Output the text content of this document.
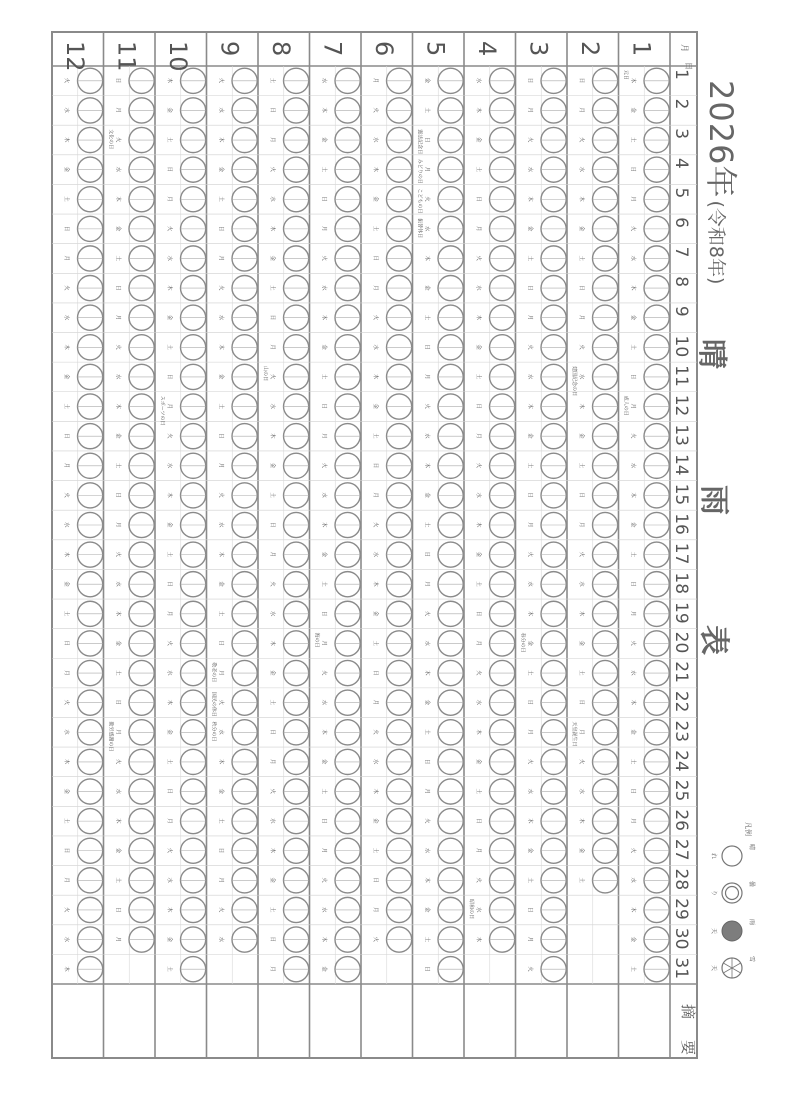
月
日
摘
要
木
金
土
日
月
火
水
木
金
土
日
月
火
水
木
金
土
日
月
火
水
木
金
土
日
月
火
水
木
金
土
日
月
火
水
木
金
土
日
月
火
水
木
金
土
日
月
火
水
木
金
土
日
月
火
水
木
金
土
日
月
火
水
木
金
土
日
月
火
水
木
金
土
日
月
火
水
木
金
土
日
月
火
水
木
金
土
日
月
火
水
木
金
土
日
月
火
水
木
金
土
日
月
火
水
木
金
土
日
月
火
水
木
金
土
日
月
火
水
木
金
土
日
月
火
水
木
金
土
日
月
火
水
木
金
土
日
月
火
水
木
金
土
日
月
火
水
木
金
土
日
月
火
水
木
金
土
日
月
火
水
木
金
土
日
月
火
水
木
金
土
日
月
火
水
木
金
土
日
月
火
水
木
金
土
日
月
火
水
木
金
土
日
月
火
水
木
金
土
日
月
火
水
木
金
土
日
月
火
水
木
金
土
日
月
火
水
木
金
土
日
月
火
水
木
金
土
日
月
火
水
木
金
土
日
月
火
水
木
金
土
日
月
火
水
木
金
土
日
月
火
水
木
金
土
日
月
火
水
木
金
土
日
月
火
水
木
金
土
日
月
火
水
木
金
土
日
月
火
水
木
金
土
日
月
火
水
木
金
土
日
月
火
水
木
金
土
日
月
火
水
木
金
土
日
月
火
水
木
金
土
日
月
火
水
木
金
土
日
月
火
水
木
金
土
日
月
火
水
木
金
土
日
月
火
水
木
金
土
日
月
火
水
木
金
土
日
月
火
水
木
金
土
日
月
火
水
木
金
土
日
月
火
水
木
元日
成人の日
建国記念の日
天皇誕生日
春分の日
昭和の日
憲法記念日
みどりの日
こどもの日
振替休日
海の日
山の日
敬老の日
国民の休日
秋分の日
スポーツの日
文化の日
勤労感謝の日
1
2
3
4
5
6
7
8
9
10
11
12
1
2
3
4
5
6
7
8
9
10
11
12
13
14
15
16
17
18
19
20
21
22
23
24
25
26
27
28
29
30
31
凡例
晴
れ
曇
り
雨
天
雪
天
2026年(令和8年)
晴
雨
表
